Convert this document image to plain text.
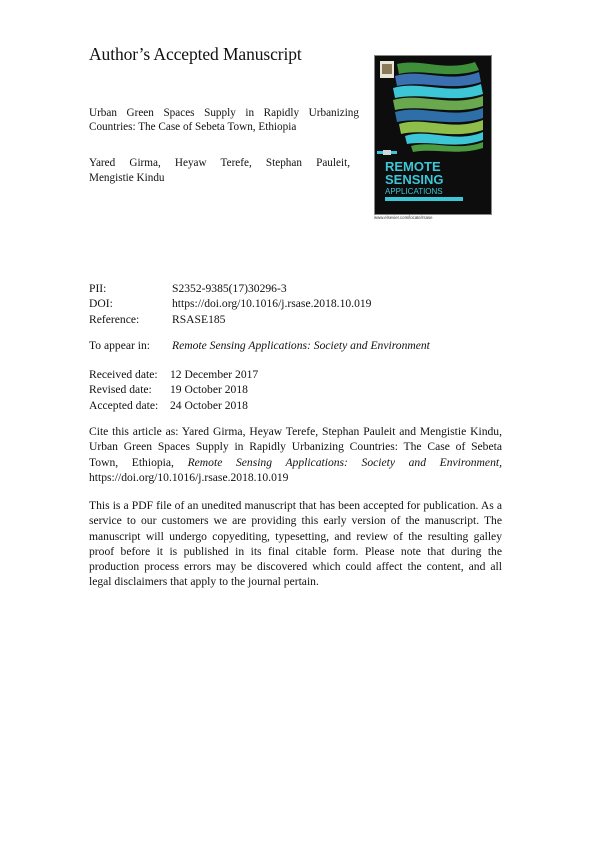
Author’s Accepted Manuscript
Urban Green Spaces Supply in Rapidly Urbanizing Countries: The Case of Sebeta Town, Ethiopia
Yared Girma, Heyaw Terefe, Stephan Pauleit,
Mengistie Kindu
REMOTE
SENSING
APPLICATIONS
www.elsevier.com/locate/rsase
PII:	S2352-9385(17)30296-3
DOI:	https://doi.org/10.1016/j.rsase.2018.10.019
Reference:	RSASE185
To appear in: Remote Sensing Applications: Society and Environment
Received date:	12 December 2017
Revised date:	19 October 2018
Accepted date:	24 October 2018
Cite this article as: Yared Girma, Heyaw Terefe, Stephan Pauleit and Mengistie Kindu, Urban Green Spaces Supply in Rapidly Urbanizing Countries: The Case of Sebeta Town, Ethiopia, Remote Sensing Applications: Society and Environment, https://doi.org/10.1016/j.rsase.2018.10.019
This is a PDF file of an unedited manuscript that has been accepted for publication. As a service to our customers we are providing this early version of the manuscript. The manuscript will undergo copyediting, typesetting, and review of the resulting galley proof before it is published in its final citable form. Please note that during the production process errors may be discovered which could affect the content, and all legal disclaimers that apply to the journal pertain.
